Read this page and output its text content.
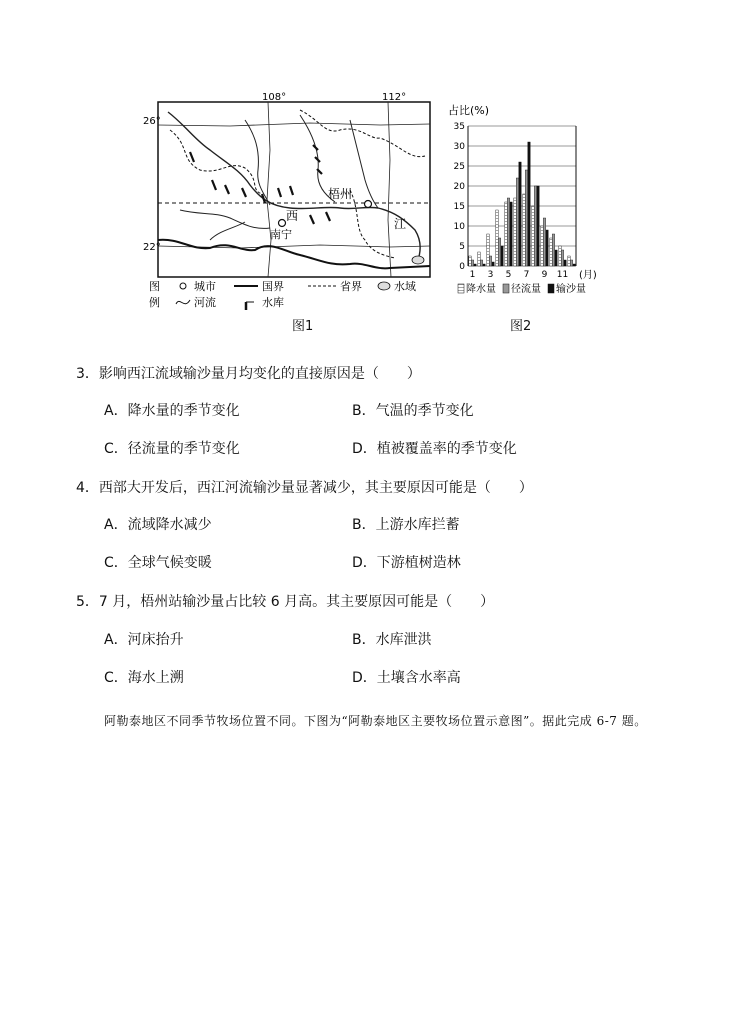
梧州
南宁
西
江
108°	112°
26°
22°
图
例
城市	国界	省界	水域
河流	水库
图1
占比(%)
0
5
10
15
20
25
30
35
1 3 5 7 9 11 (月)
降水量 径流量 输沙量
图2
3．影响西江流域输沙量月均变化的直接原因是（　　）
A．降水量的季节变化	B．气温的季节变化
C．径流量的季节变化	D．植被覆盖率的季节变化
4．西部大开发后，西江河流输沙量显著减少，其主要原因可能是（　　）
A．流域降水减少	B．上游水库拦蓄
C．全球气候变暖	D．下游植树造林
5．7 月，梧州站输沙量占比较 6 月高。其主要原因可能是（　　）
A．河床抬升	B．水库泄洪
C．海水上溯	D．土壤含水率高
阿勒泰地区不同季节牧场位置不同。下图为“阿勒泰地区主要牧场位置示意图”。据此完成 6-7 题。
